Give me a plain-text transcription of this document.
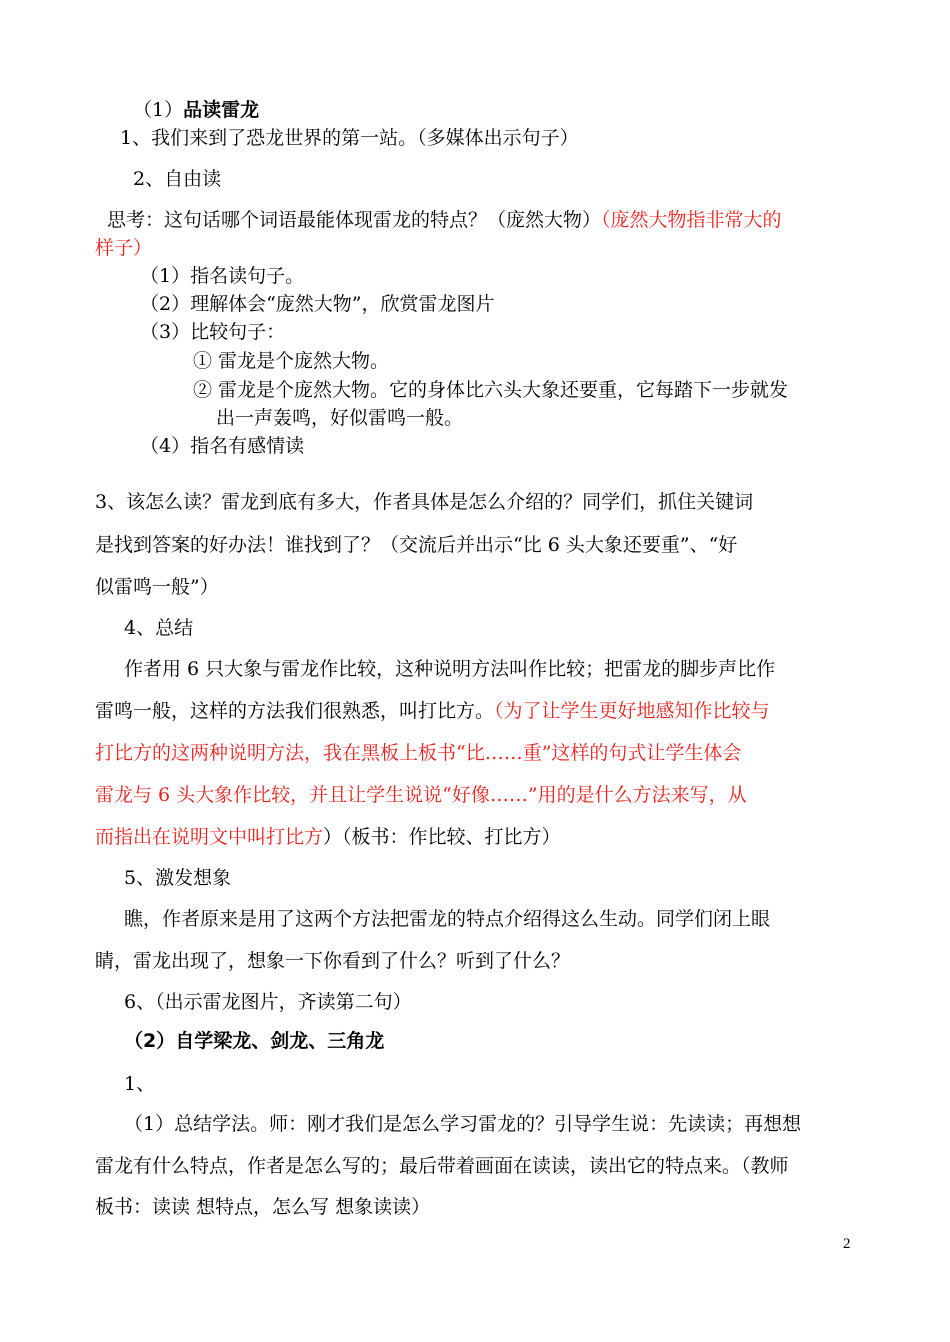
（1）品读雷龙
1、我们来到了恐龙世界的第一站。（多媒体出示句子）
2、自由读
思考：这句话哪个词语最能体现雷龙的特点？（庞然大物）（庞然大物指非常大的
样子）
（1）指名读句子。
（2）理解体会“庞然大物”，欣赏雷龙图片
（3）比较句子：
① 雷龙是个庞然大物。
② 雷龙是个庞然大物。它的身体比六头大象还要重，它每踏下一步就发
出一声轰鸣，好似雷鸣一般。
（4）指名有感情读
3、该怎么读？雷龙到底有多大，作者具体是怎么介绍的？同学们，抓住关键词
是找到答案的好办法！谁找到了？（交流后并出示“比 6 头大象还要重”、“好
似雷鸣一般”）
4、总结
作者用 6 只大象与雷龙作比较，这种说明方法叫作比较；把雷龙的脚步声比作
雷鸣一般，这样的方法我们很熟悉，叫打比方。（为了让学生更好地感知作比较与
打比方的这两种说明方法，我在黑板上板书“比……重”这样的句式让学生体会
雷龙与 6 头大象作比较，并且让学生说说“好像……”用的是什么方法来写，从
而指出在说明文中叫打比方）（板书：作比较、打比方）
5、激发想象
瞧，作者原来是用了这两个方法把雷龙的特点介绍得这么生动。同学们闭上眼
睛，雷龙出现了，想象一下你看到了什么？听到了什么？
6、（出示雷龙图片，齐读第二句）
（2）自学梁龙、剑龙、三角龙
1、
（1）总结学法。师：刚才我们是怎么学习雷龙的？引导学生说：先读读；再想想
雷龙有什么特点，作者是怎么写的；最后带着画面在读读，读出它的特点来。（教师
板书：读读 想特点，怎么写 想象读读）
2
